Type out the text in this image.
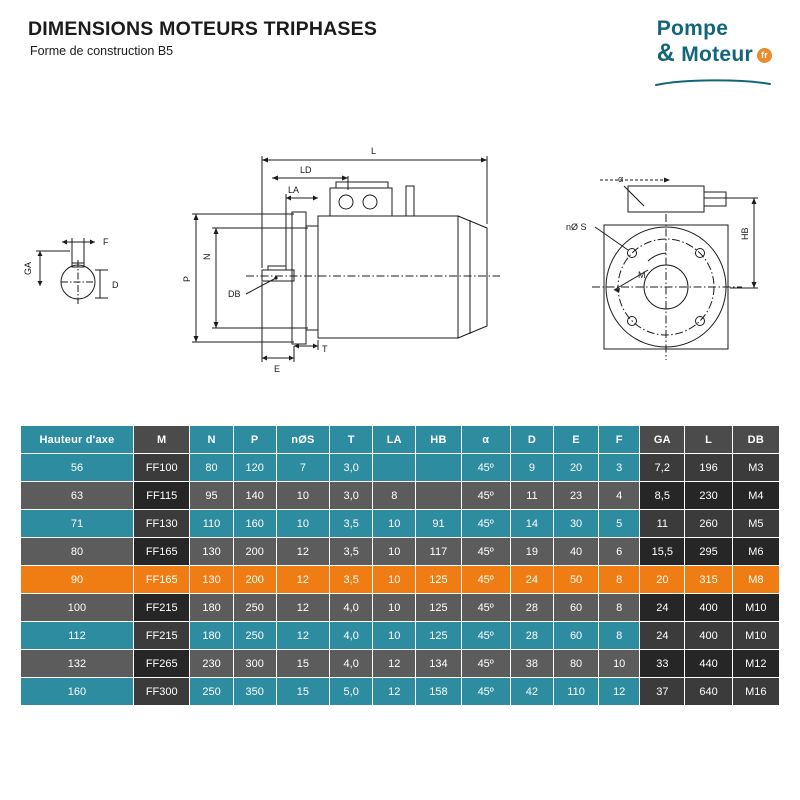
DIMENSIONS MOTEURS TRIPHASES
Forme de construction B5
Pompe
& Moteur fr
GA
F
D
L
LD
LA
P
N
DB
E
T
α
nØ S
M
HB
Hauteur d'axe	M	N	P	nØS	T	LA	HB	α	D	E	F	GA	L	DB
56	FF100	80	120	7	3,0			45º	9	20	3	7,2	196	M3
63	FF115	95	140	10	3,0	8		45º	11	23	4	8,5	230	M4
71	FF130	110	160	10	3,5	10	91	45º	14	30	5	11	260	M5
80	FF165	130	200	12	3,5	10	117	45º	19	40	6	15,5	295	M6
90	FF165	130	200	12	3,5	10	125	45º	24	50	8	20	315	M8
100	FF215	180	250	12	4,0	10	125	45º	28	60	8	24	400	M10
112	FF215	180	250	12	4,0	10	125	45º	28	60	8	24	400	M10
132	FF265	230	300	15	4,0	12	134	45º	38	80	10	33	440	M12
160	FF300	250	350	15	5,0	12	158	45º	42	110	12	37	640	M16
